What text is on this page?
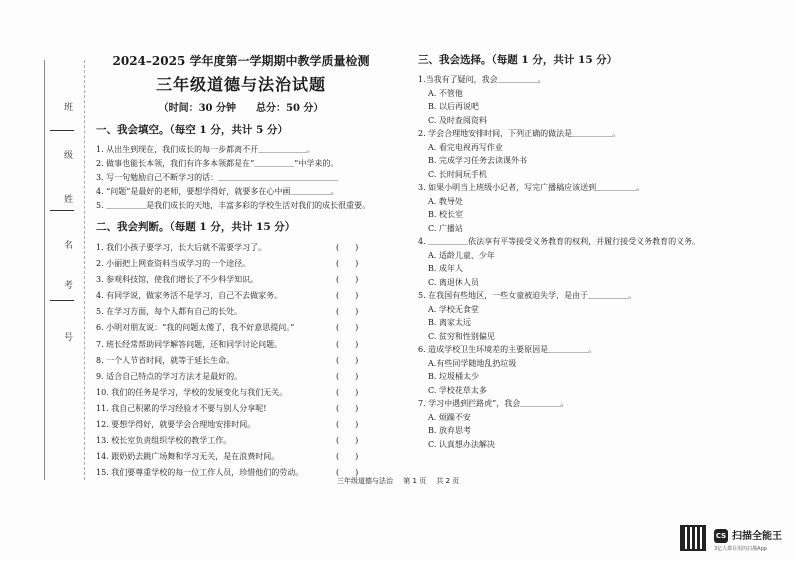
班
级
姓
名
考
号
2024–2025 学年度第一学期期中教学质量检测
三年级道德与法治试题
（时间：30 分钟　　总分：50 分）
一、我会填空。（每空 1 分，共计 5 分）
1. 从出生到现在，我们成长的每一步都离不开＿＿＿＿＿＿。
2. 做事也能长本领，我们有许多本领都是在“＿＿＿＿＿”中学来的。
3. 写一句勉励自己不断学习的话：＿＿＿＿＿＿＿＿＿＿＿＿＿＿＿
4. “问题”是最好的老师，要想学得好，就要多在心中画＿＿＿＿＿。
5. ＿＿＿＿＿是我们成长的天地，丰富多彩的学校生活对我们的成长很重要。
二、我会判断。（每题 1 分，共计 15 分）
1. 我们小孩子要学习，长大后就不需要学习了。	(　　)
2. 小丽把上网查资料当成学习的一个途径。	(　　)
3. 参观科技馆，使我们增长了不少科学知识。	(　　)
4. 有同学说，做家务活不是学习，自己不去做家务。	(　　)
5. 在学习方面，每个人都有自己的长处。	(　　)
6. 小明对朋友说：“我的问题太傻了，我不好意思提问。”	(　　)
7. 班长经常帮助同学解答问题，还和同学讨论问题。	(　　)
8. 一个人节省时间，就等于延长生命。	(　　)
9. 适合自己特点的学习方法才是最好的。	(　　)
10. 我们的任务是学习，学校的发展变化与我们无关。	(　　)
11. 我自己积累的学习经验才不要与别人分享呢!	(　　)
12. 要想学得好，就要学会合理地安排时间。	(　　)
13. 校长室负责组织学校的教学工作。	(　　)
14. 跟奶奶去跳广场舞和学习无关，是在浪费时间。	(　　)
15. 我们要尊重学校的每一位工作人员，珍惜他们的劳动。	(　　)
三、我会选择。（每题 1 分，共计 15 分）
1.当我有了疑问，我会＿＿＿＿＿。
A. 不管他
B. 以后再说吧
C. 及时查阅资料
2. 学会合理地安排时间，下列正确的做法是＿＿＿＿＿。
A. 看完电视再写作业
B. 完成学习任务去读课外书
C. 长时间玩手机
3. 如果小明当上班级小记者，写完广播稿应该送到＿＿＿＿＿。
A. 教导处
B. 校长室
C. 广播站
4. ＿＿＿＿＿依法享有平等接受义务教育的权利，并履行接受义务教育的义务。
A. 适龄儿童、少年
B. 成年人
C. 离退休人员
5. 在我国有些地区，一些女童被迫失学，是由于＿＿＿＿＿。
A. 学校无食堂
B. 离家太远
C. 贫穷和性别偏见
6. 造成学校卫生环境差的主要原因是＿＿＿＿＿。
A.有些同学随地乱扔垃圾
B. 垃圾桶太少
C. 学校花草太多
7. 学习中遇到拦路虎”，我会＿＿＿＿＿。
A. 烦躁不安
B. 放弃思考
C. 认真想办法解决
三年级道德与法治 第 1 页 共 2 页
CS 扫描全能王
3亿人都在用的扫描App
